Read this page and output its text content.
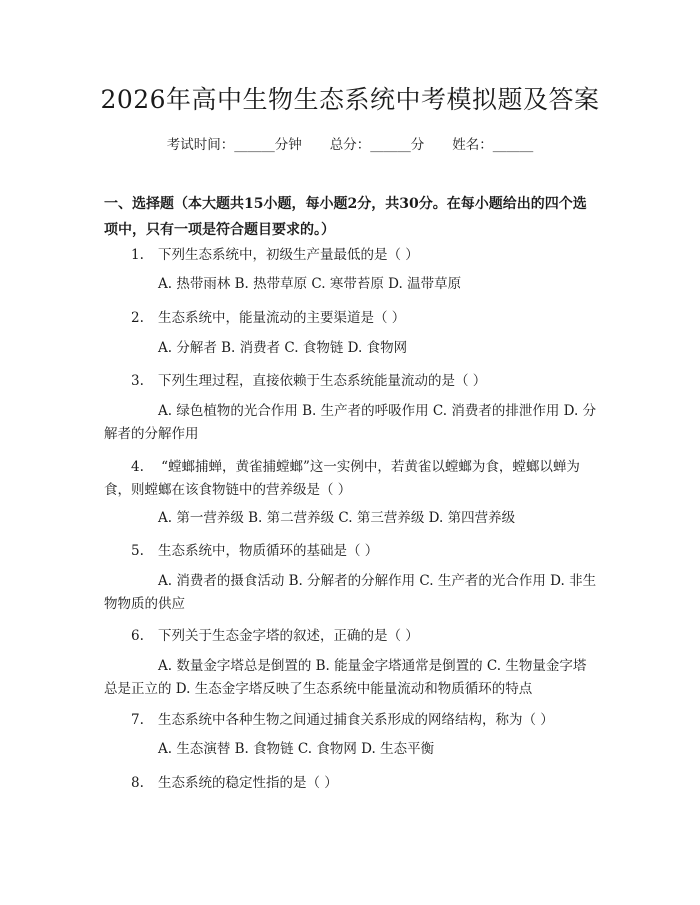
2026年高中生物生态系统中考模拟题及答案
考试时间：______分钟 总分：______分 姓名：______
一、选择题（本大题共15小题，每小题2分，共30分。在每小题给出的四个选项中，只有一项是符合题目要求的。）
1. 下列生态系统中，初级生产量最低的是（ ）
A. 热带雨林 B. 热带草原 C. 寒带苔原 D. 温带草原
2. 生态系统中，能量流动的主要渠道是（ ）
A. 分解者 B. 消费者 C. 食物链 D. 食物网
3. 下列生理过程，直接依赖于生态系统能量流动的是（ ）
A. 绿色植物的光合作用 B. 生产者的呼吸作用 C. 消费者的排泄作用 D. 分解者的分解作用
4. “螳螂捕蝉，黄雀捕螳螂”这一实例中，若黄雀以螳螂为食，螳螂以蝉为食，则螳螂在该食物链中的营养级是（ ）
A. 第一营养级 B. 第二营养级 C. 第三营养级 D. 第四营养级
5. 生态系统中，物质循环的基础是（ ）
A. 消费者的摄食活动 B. 分解者的分解作用 C. 生产者的光合作用 D. 非生物物质的供应
6. 下列关于生态金字塔的叙述，正确的是（ ）
A. 数量金字塔总是倒置的 B. 能量金字塔通常是倒置的 C. 生物量金字塔总是正立的 D. 生态金字塔反映了生态系统中能量流动和物质循环的特点
7. 生态系统中各种生物之间通过捕食关系形成的网络结构，称为（ ）
A. 生态演替 B. 食物链 C. 食物网 D. 生态平衡
8. 生态系统的稳定性指的是（ ）
